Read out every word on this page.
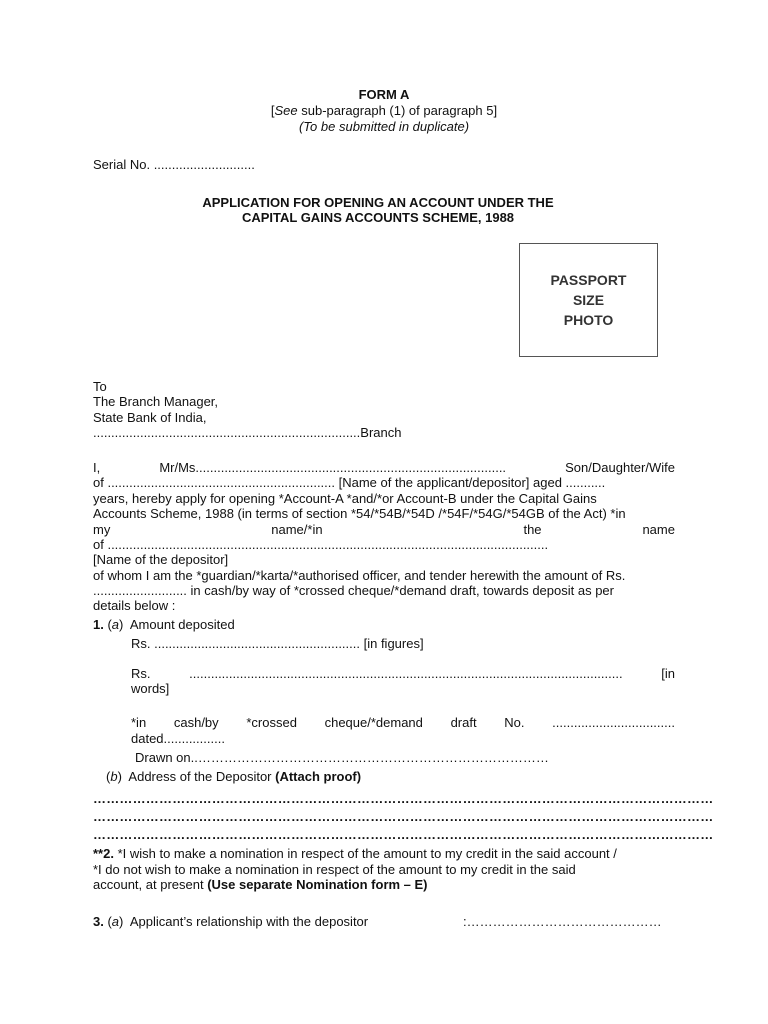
FORM A
[See sub-paragraph (1) of paragraph 5]
(To be submitted in duplicate)
Serial No. ............................
APPLICATION FOR OPENING AN ACCOUNT UNDER THE
CAPITAL GAINS ACCOUNTS SCHEME, 1988
PASSPORT
SIZE
PHOTO
To
The Branch Manager,
State Bank of India,
..........................................................................Branch
I,	Mr/Ms......................................................................................	Son/Daughter/Wife
of ............................................................... [Name of the applicant/depositor] aged ...........
years, hereby apply for opening *Account-A *and/*or Account-B under the Capital Gains
Accounts Scheme, 1988 (in terms of section *54/*54B/*54D /*54F/*54G/*54GB of the Act) *in
my	name/*in	the	name
of ..........................................................................................................................
[Name of the depositor]
of whom I am the *guardian/*karta/*authorised officer, and tender herewith the amount of Rs.
.......................... in cash/by way of *crossed cheque/*demand draft, towards deposit as per
details below :
1. (a)  Amount deposited
Rs. ......................................................... [in figures]
Rs.	........................................................................................................................	[in
words]
*in cash/by *crossed cheque/*demand draft No. ..................................
dated.................
Drawn on..………………………………………………………………………
(b)  Address of the Depositor (Attach proof)
……………………………………………………………………………………………………………………………
……………………………………………………………………………………………………………………………
……………………………………………………………………………………………………………………………
**2. *I wish to make a nomination in respect of the amount to my credit in the said account /
*I do not wish to make a nomination in respect of the amount to my credit in the said
account, at present (Use separate Nomination form – E)
3. (a)  Applicant’s relationship with the depositor	:………………………………………
